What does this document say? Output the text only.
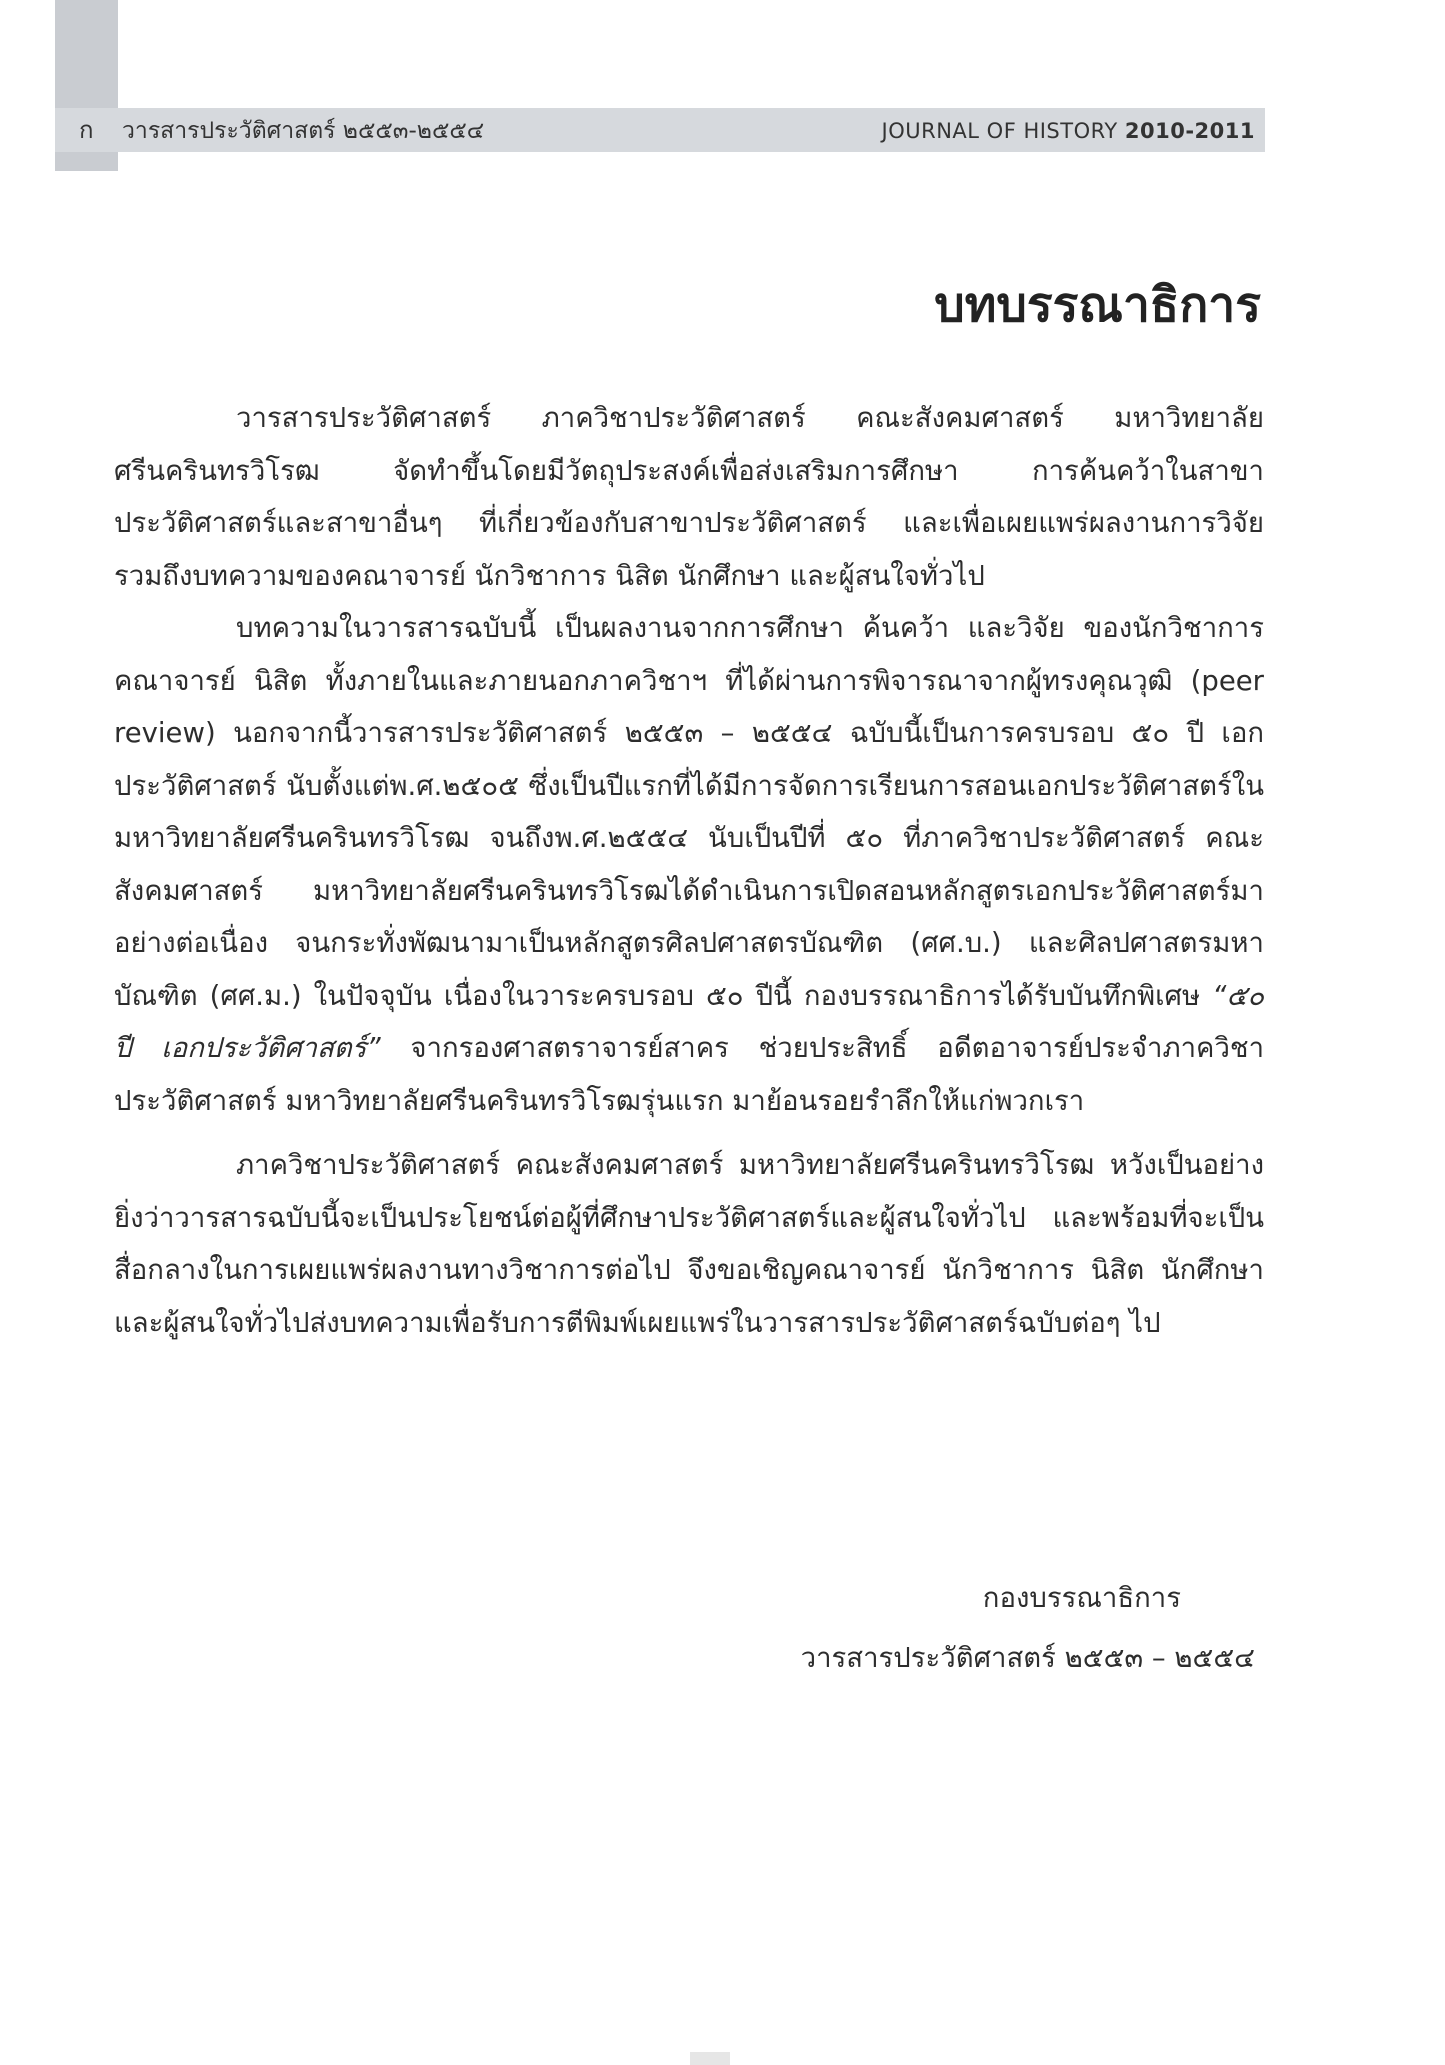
ก วารสารประวัติศาสตร์ ๒๕๕๓-๒๕๕๔	JOURNAL OF HISTORY 2010-2011
บทบรรณาธิการ

วารสารประวัติศาสตร์ ภาควิชาประวัติศาสตร์ คณะสังคมศาสตร์ มหาวิทยาลัยศรีนครินทรวิโรฒ จัดทำขึ้นโดยมีวัตถุประสงค์เพื่อส่งเสริมการศึกษา การค้นคว้าในสาขาประวัติศาสตร์และสาขาอื่นๆ ที่เกี่ยวข้องกับสาขาประวัติศาสตร์ และเพื่อเผยแพร่ผลงานการวิจัย รวมถึงบทความของคณาจารย์ นักวิชาการ นิสิต นักศึกษา และผู้สนใจทั่วไป

บทความในวารสารฉบับนี้ เป็นผลงานจากการศึกษา ค้นคว้า และวิจัย ของนักวิชาการ คณาจารย์ นิสิต ทั้งภายในและภายนอกภาควิชาฯ ที่ได้ผ่านการพิจารณาจากผู้ทรงคุณวุฒิ (peer review) นอกจากนี้วารสารประวัติศาสตร์ ๒๕๕๓ – ๒๕๕๔ ฉบับนี้เป็นการครบรอบ ๕๐ ปี เอกประวัติศาสตร์ นับตั้งแต่พ.ศ.๒๕๐๕ ซึ่งเป็นปีแรกที่ได้มีการจัดการเรียนการสอนเอกประวัติศาสตร์ในมหาวิทยาลัยศรีนครินทรวิโรฒ จนถึงพ.ศ.๒๕๕๔ นับเป็นปีที่ ๕๐ ที่ภาควิชาประวัติศาสตร์ คณะสังคมศาสตร์ มหาวิทยาลัยศรีนครินทรวิโรฒได้ดำเนินการเปิดสอนหลักสูตรเอกประวัติศาสตร์มาอย่างต่อเนื่อง จนกระทั่งพัฒนามาเป็นหลักสูตรศิลปศาสตรบัณฑิต (ศศ.บ.) และศิลปศาสตรมหาบัณฑิต (ศศ.ม.) ในปัจจุบัน เนื่องในวาระครบรอบ ๕๐ ปีนี้ กองบรรณาธิการได้รับบันทึกพิเศษ “๕๐ ปี เอกประวัติศาสตร์” จากรองศาสตราจารย์สาคร ช่วยประสิทธิ์ อดีตอาจารย์ประจำภาควิชาประวัติศาสตร์ มหาวิทยาลัยศรีนครินทรวิโรฒรุ่นแรก มาย้อนรอยรำลึกให้แก่พวกเรา

ภาควิชาประวัติศาสตร์ คณะสังคมศาสตร์ มหาวิทยาลัยศรีนครินทรวิโรฒ หวังเป็นอย่างยิ่งว่าวารสารฉบับนี้จะเป็นประโยชน์ต่อผู้ที่ศึกษาประวัติศาสตร์และผู้สนใจทั่วไป และพร้อมที่จะเป็นสื่อกลางในการเผยแพร่ผลงานทางวิชาการต่อไป จึงขอเชิญคณาจารย์ นักวิชาการ นิสิต นักศึกษา และผู้สนใจทั่วไปส่งบทความเพื่อรับการตีพิมพ์เผยแพร่ในวารสารประวัติศาสตร์ฉบับต่อๆ ไป

กองบรรณาธิการ
วารสารประวัติศาสตร์ ๒๕๕๓ – ๒๕๕๔
